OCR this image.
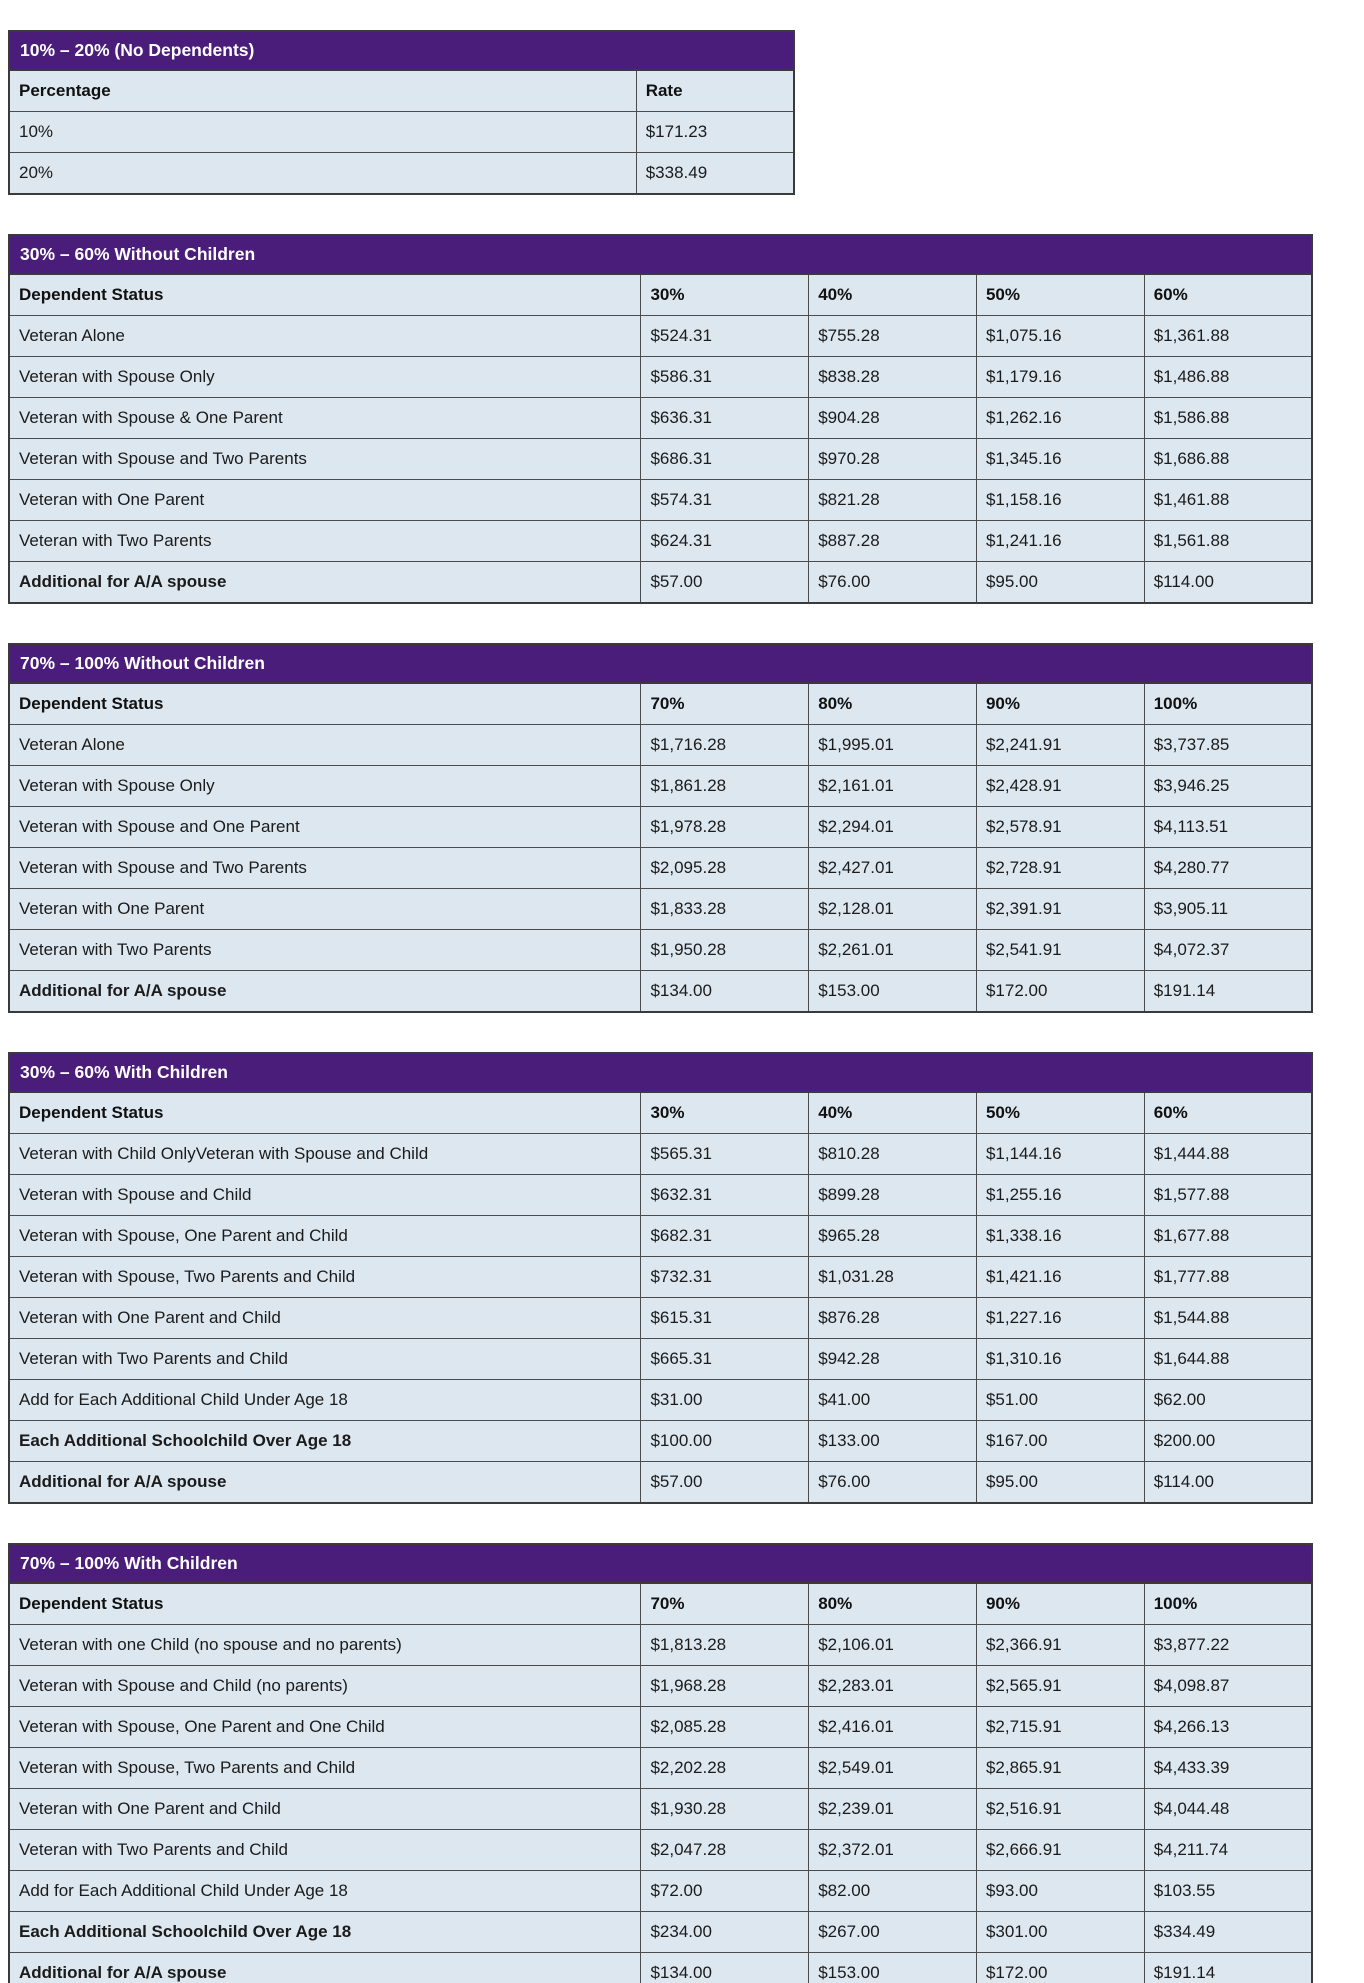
10% – 20% (No Dependents)	
Percentage	Rate
10%	$171.23
20%	$338.49
30% – 60% Without Children				
Dependent Status	30%	40%	50%	60%
Veteran Alone	$524.31	$755.28	$1,075.16	$1,361.88
Veteran with Spouse Only	$586.31	$838.28	$1,179.16	$1,486.88
Veteran with Spouse & One Parent	$636.31	$904.28	$1,262.16	$1,586.88
Veteran with Spouse and Two Parents	$686.31	$970.28	$1,345.16	$1,686.88
Veteran with One Parent	$574.31	$821.28	$1,158.16	$1,461.88
Veteran with Two Parents	$624.31	$887.28	$1,241.16	$1,561.88
Additional for A/A spouse	$57.00	$76.00	$95.00	$114.00
70% – 100% Without Children				
Dependent Status	70%	80%	90%	100%
Veteran Alone	$1,716.28	$1,995.01	$2,241.91	$3,737.85
Veteran with Spouse Only	$1,861.28	$2,161.01	$2,428.91	$3,946.25
Veteran with Spouse and One Parent	$1,978.28	$2,294.01	$2,578.91	$4,113.51
Veteran with Spouse and Two Parents	$2,095.28	$2,427.01	$2,728.91	$4,280.77
Veteran with One Parent	$1,833.28	$2,128.01	$2,391.91	$3,905.11
Veteran with Two Parents	$1,950.28	$2,261.01	$2,541.91	$4,072.37
Additional for A/A spouse	$134.00	$153.00	$172.00	$191.14
30% – 60% With Children				
Dependent Status	30%	40%	50%	60%
Veteran with Child OnlyVeteran with Spouse and Child	$565.31	$810.28	$1,144.16	$1,444.88
Veteran with Spouse and Child	$632.31	$899.28	$1,255.16	$1,577.88
Veteran with Spouse, One Parent and Child	$682.31	$965.28	$1,338.16	$1,677.88
Veteran with Spouse, Two Parents and Child	$732.31	$1,031.28	$1,421.16	$1,777.88
Veteran with One Parent and Child	$615.31	$876.28	$1,227.16	$1,544.88
Veteran with Two Parents and Child	$665.31	$942.28	$1,310.16	$1,644.88
Add for Each Additional Child Under Age 18	$31.00	$41.00	$51.00	$62.00
Each Additional Schoolchild Over Age 18	$100.00	$133.00	$167.00	$200.00
Additional for A/A spouse	$57.00	$76.00	$95.00	$114.00
70% – 100% With Children				
Dependent Status	70%	80%	90%	100%
Veteran with one Child (no spouse and no parents)	$1,813.28	$2,106.01	$2,366.91	$3,877.22
Veteran with Spouse and Child (no parents)	$1,968.28	$2,283.01	$2,565.91	$4,098.87
Veteran with Spouse, One Parent and One Child	$2,085.28	$2,416.01	$2,715.91	$4,266.13
Veteran with Spouse, Two Parents and Child	$2,202.28	$2,549.01	$2,865.91	$4,433.39
Veteran with One Parent and Child	$1,930.28	$2,239.01	$2,516.91	$4,044.48
Veteran with Two Parents and Child	$2,047.28	$2,372.01	$2,666.91	$4,211.74
Add for Each Additional Child Under Age 18	$72.00	$82.00	$93.00	$103.55
Each Additional Schoolchild Over Age 18	$234.00	$267.00	$301.00	$334.49
Additional for A/A spouse	$134.00	$153.00	$172.00	$191.14
